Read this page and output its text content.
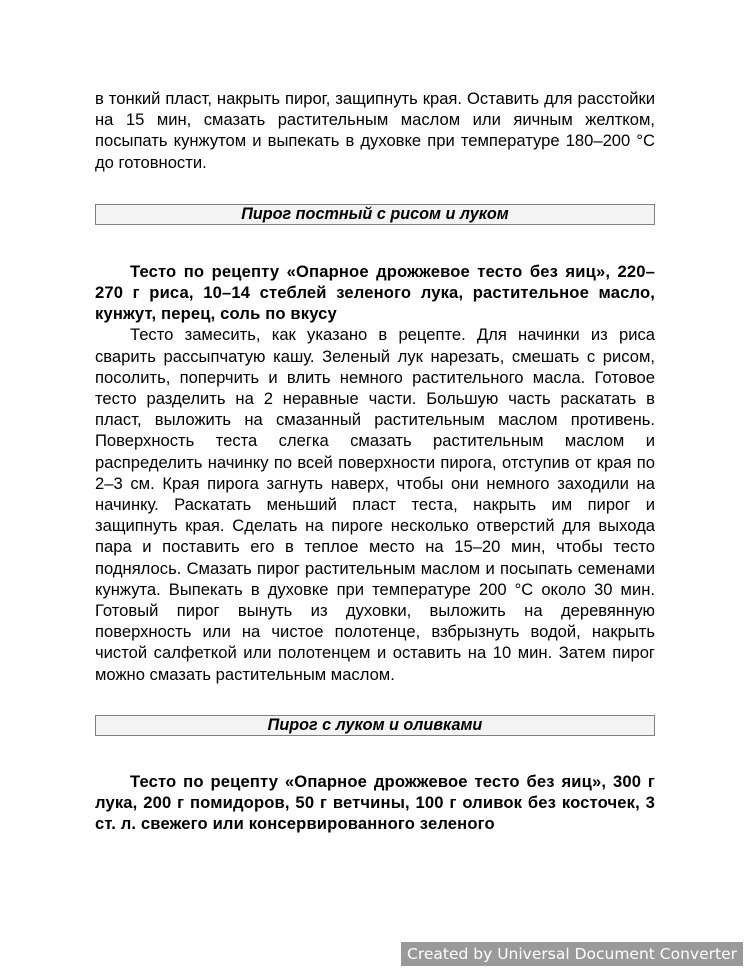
в тонкий пласт, накрыть пирог, защипнуть края. Оставить для расстойки на 15 мин, смазать растительным маслом или яичным желтком, посыпать кунжутом и выпекать в духовке при температуре 180–200 °C до готовности.

Пирог постный с рисом и луком

Тесто по рецепту «Опарное дрожжевое тесто без яиц», 220–270 г риса, 10–14 стеблей зеленого лука, растительное масло, кунжут, перец, соль по вкусу

Тесто замесить, как указано в рецепте. Для начинки из риса сварить рассыпчатую кашу. Зеленый лук нарезать, смешать с рисом, посолить, поперчить и влить немного растительного масла. Готовое тесто разделить на 2 неравные части. Большую часть раскатать в пласт, выложить на смазанный растительным маслом противень. Поверхность теста слегка смазать растительным маслом и распределить начинку по всей поверхности пирога, отступив от края по 2–3 см. Края пирога загнуть наверх, чтобы они немного заходили на начинку. Раскатать меньший пласт теста, накрыть им пирог и защипнуть края. Сделать на пироге несколько отверстий для выхода пара и поставить его в теплое место на 15–20 мин, чтобы тесто поднялось. Смазать пирог растительным маслом и посыпать семенами кунжута. Выпекать в духовке при температуре 200 °C около 30 мин. Готовый пирог вынуть из духовки, выложить на деревянную поверхность или на чистое полотенце, взбрызнуть водой, накрыть чистой салфеткой или полотенцем и оставить на 10 мин. Затем пирог можно смазать растительным маслом.

Пирог с луком и оливками

Тесто по рецепту «Опарное дрожжевое тесто без яиц», 300 г лука, 200 г помидоров, 50 г ветчины, 100 г оливок без косточек, 3 ст. л. свежего или консервированного зеленого

Created by Universal Document Converter
